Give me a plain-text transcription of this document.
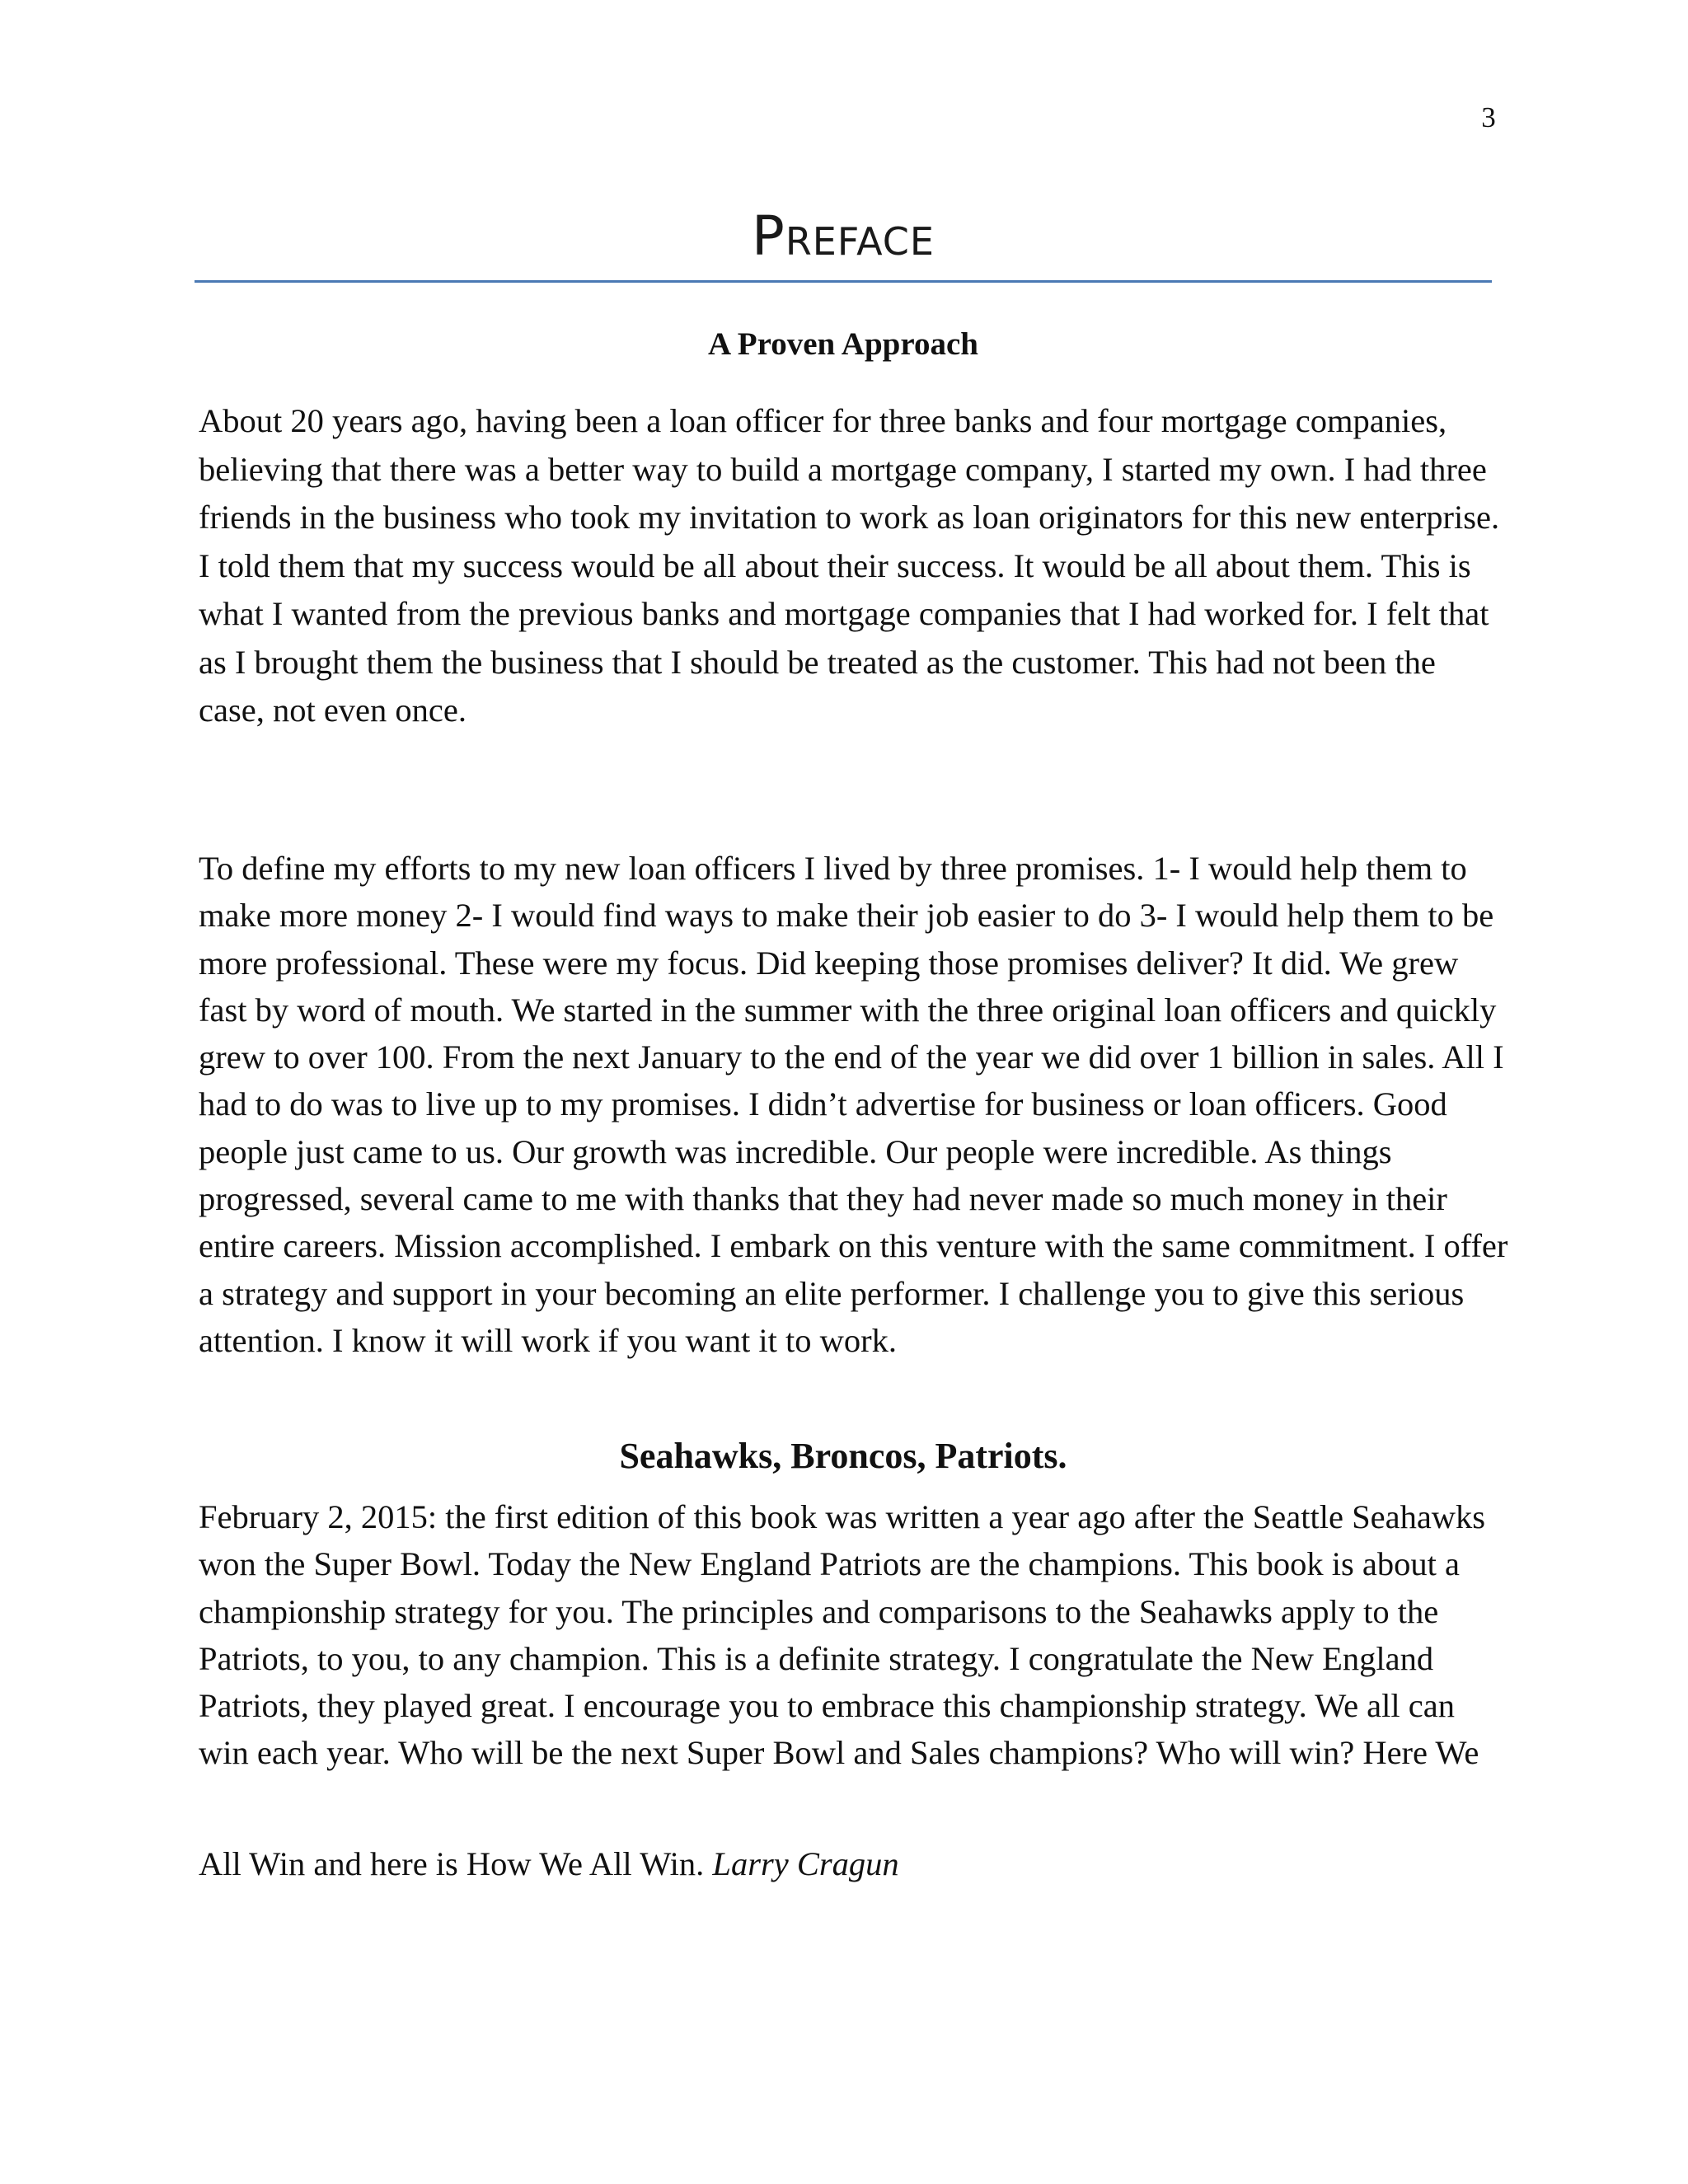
3
Preface
A Proven Approach

About 20 years ago, having been a loan officer for three banks and four mortgage companies, believing that there was a better way to build a mortgage company, I started my own. I had three friends in the business who took my invitation to work as loan originators for this new enterprise. I told them that my success would be all about their success. It would be all about them. This is what I wanted from the previous banks and mortgage companies that I had worked for. I felt that as I brought them the business that I should be treated as the customer. This had not been the case, not even once.

To define my efforts to my new loan officers I lived by three promises. 1- I would help them to make more money 2- I would find ways to make their job easier to do 3- I would help them to be more professional. These were my focus. Did keeping those promises deliver? It did. We grew fast by word of mouth. We started in the summer with the three original loan officers and quickly grew to over 100. From the next January to the end of the year we did over 1 billion in sales. All I had to do was to live up to my promises. I didn’t advertise for business or loan officers. Good people just came to us. Our growth was incredible. Our people were incredible. As things progressed, several came to me with thanks that they had never made so much money in their entire careers. Mission accomplished. I embark on this venture with the same commitment. I offer a strategy and support in your becoming an elite performer. I challenge you to give this serious attention. I know it will work if you want it to work.

Seahawks, Broncos, Patriots.

February 2, 2015: the first edition of this book was written a year ago after the Seattle Seahawks won the Super Bowl. Today the New England Patriots are the champions. This book is about a championship strategy for you. The principles and comparisons to the Seahawks apply to the Patriots, to you, to any champion. This is a definite strategy. I congratulate the New England Patriots, they played great. I encourage you to embrace this championship strategy. We all can win each year. Who will be the next Super Bowl and Sales champions? Who will win? Here We

All Win and here is How We All Win. Larry Cragun
